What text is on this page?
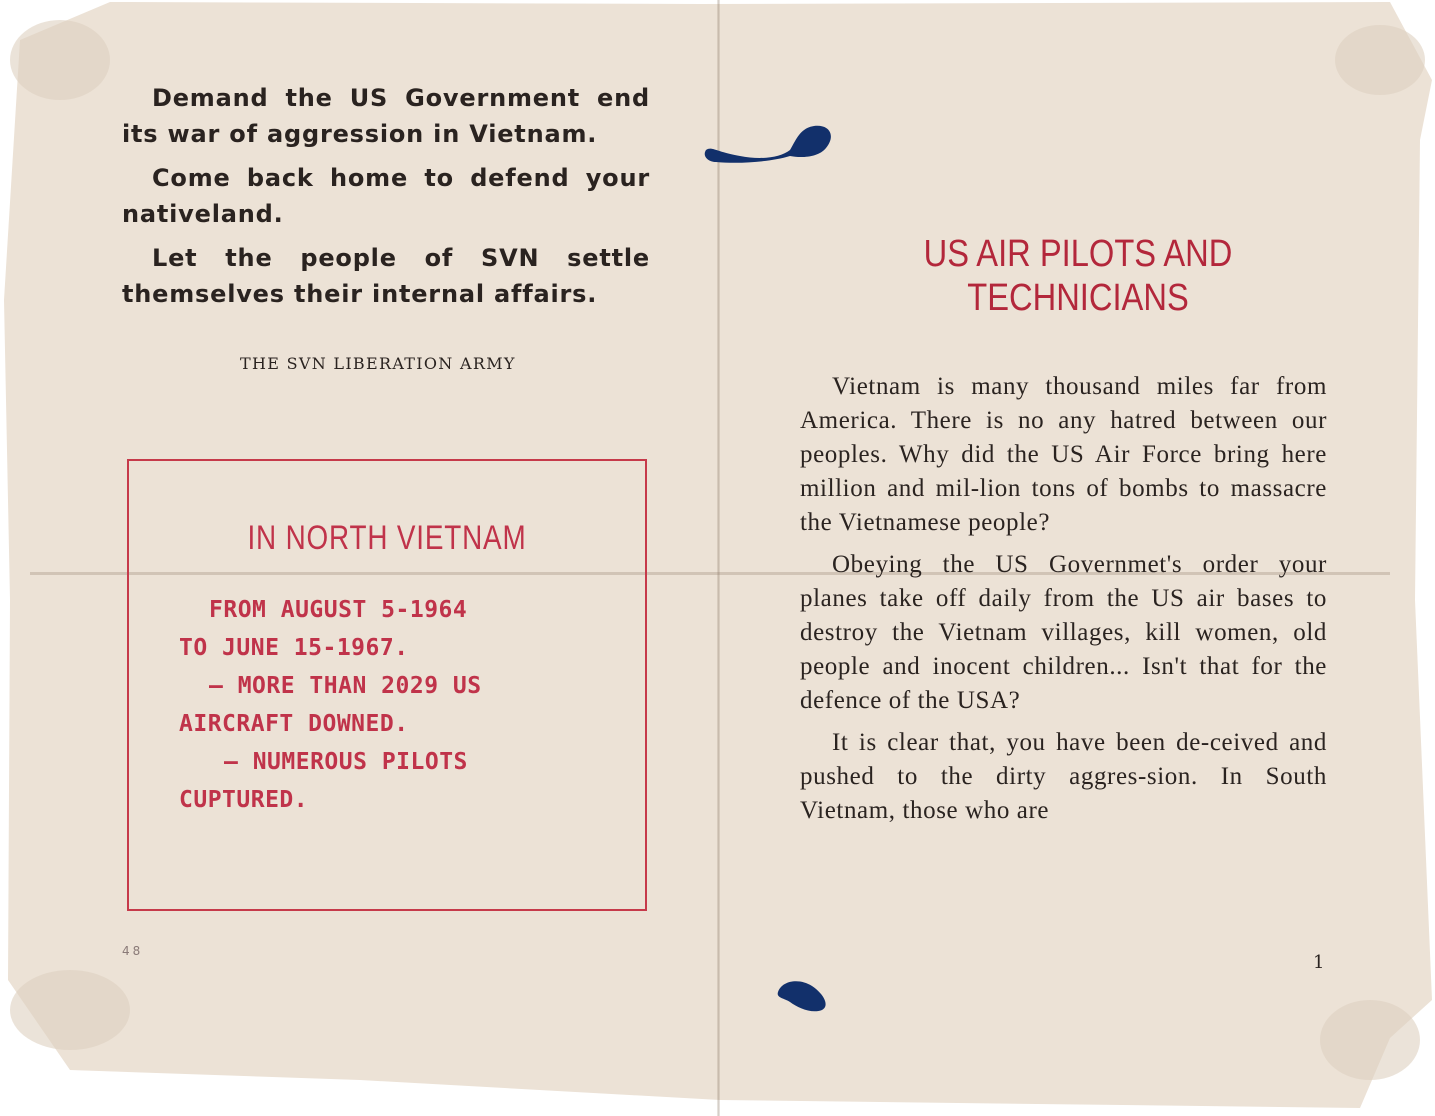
Demand the US Government end its war of aggression in Vietnam.

Come back home to defend your nativeland.

Let the people of SVN settle themselves their internal affairs.

THE SVN LIBERATION ARMY
IN NORTH VIETNAM
FROM AUGUST 5-1964
TO JUNE 15-1967.
— MORE THAN 2029 US
AIRCRAFT DOWNED.
— NUMEROUS PILOTS
CUPTURED.
48
US AIR PILOTS AND
TECHNICIANS

Vietnam is many thousand miles far from America. There is no any hatred between our peoples. Why did the US Air Force bring here million and mil-lion tons of bombs to massacre the Vietnamese people?

Obeying the US Governmet's order your planes take off daily from the US air bases to destroy the Vietnam villages, kill women, old people and inocent children... Isn't that for the defence of the USA?

It is clear that, you have been de-ceived and pushed to the dirty aggres-sion. In South Vietnam, those who are

1
